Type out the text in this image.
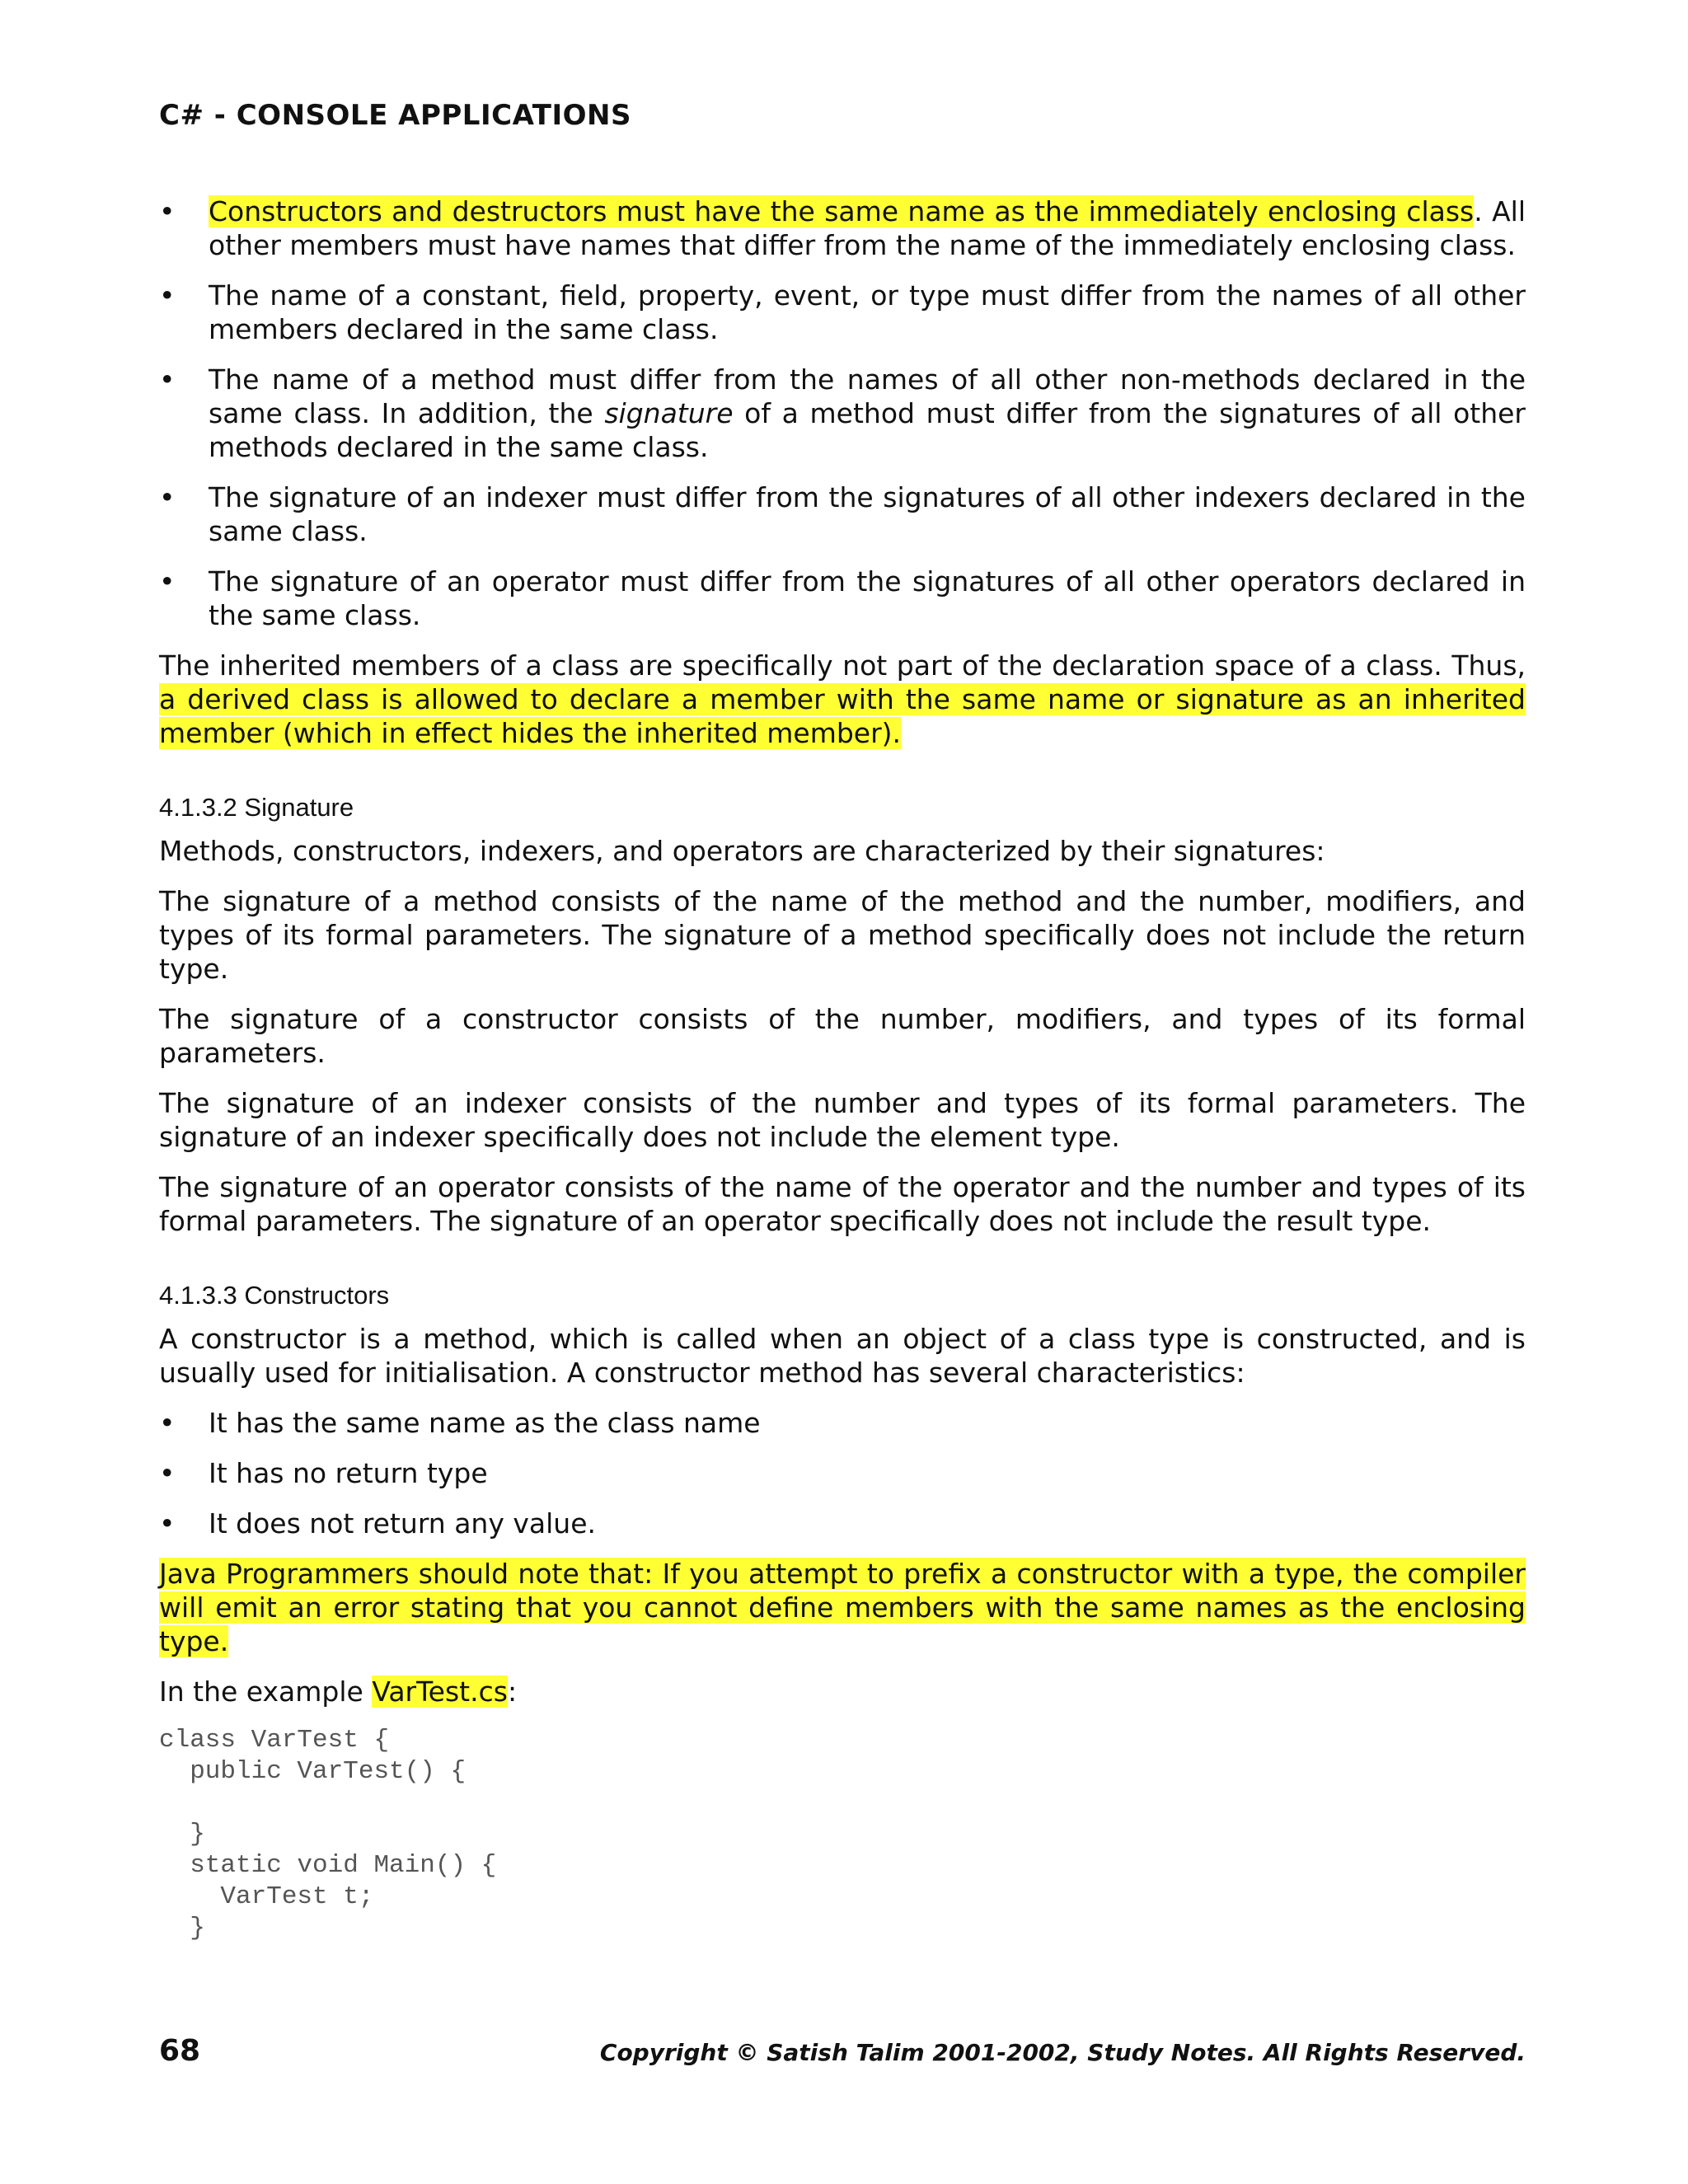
C# - CONSOLE APPLICATIONS
• Constructors and destructors must have the same name as the immediately enclosing class. All other members must have names that differ from the name of the immediately enclosing class.
• The name of a constant, field, property, event, or type must differ from the names of all other members declared in the same class.
• The name of a method must differ from the names of all other non-methods declared in the same class. In addition, the signature of a method must differ from the signatures of all other methods declared in the same class.
• The signature of an indexer must differ from the signatures of all other indexers declared in the same class.
• The signature of an operator must differ from the signatures of all other operators declared in the same class.

The inherited members of a class are specifically not part of the declaration space of a class. Thus, a derived class is allowed to declare a member with the same name or signature as an inherited member (which in effect hides the inherited member).

4.1.3.2 Signature

Methods, constructors, indexers, and operators are characterized by their signatures:

The signature of a method consists of the name of the method and the number, modifiers, and types of its formal parameters. The signature of a method specifically does not include the return type.

The signature of a constructor consists of the number, modifiers, and types of its formal parameters.

The signature of an indexer consists of the number and types of its formal parameters. The signature of an indexer specifically does not include the element type.

The signature of an operator consists of the name of the operator and the number and types of its formal parameters. The signature of an operator specifically does not include the result type.

4.1.3.3 Constructors

A constructor is a method, which is called when an object of a class type is constructed, and is usually used for initialisation. A constructor method has several characteristics:

• It has the same name as the class name
• It has no return type
• It does not return any value.

Java Programmers should note that: If you attempt to prefix a constructor with a type, the compiler will emit an error stating that you cannot define members with the same names as the enclosing type.

In the example VarTest.cs:

class VarTest {
public VarTest() {

}
static void Main() {
VarTest t;
}
68	Copyright © Satish Talim 2001-2002, Study Notes. All Rights Reserved.
